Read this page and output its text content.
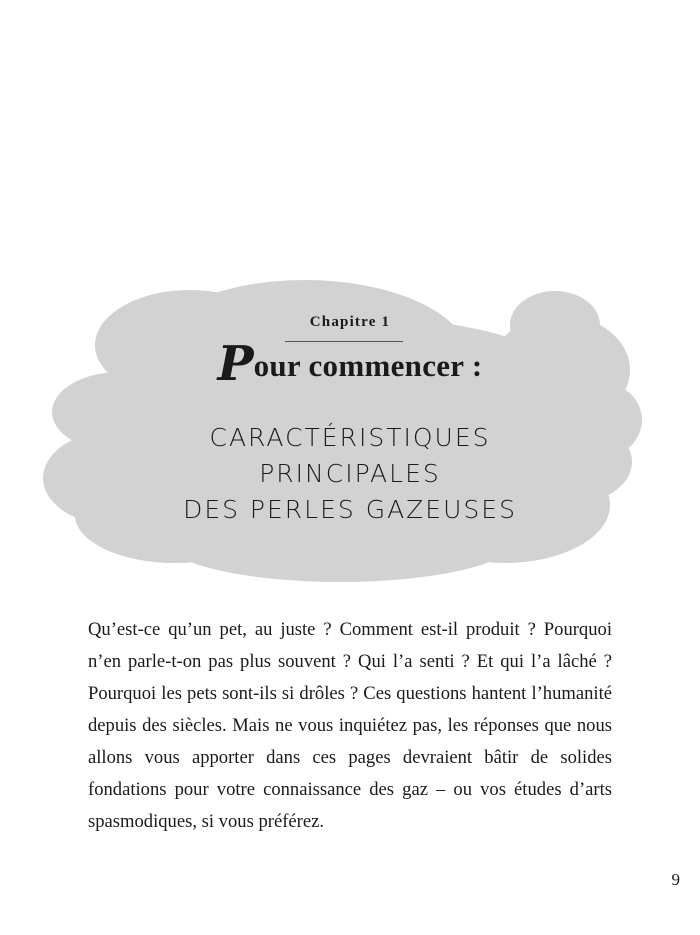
Chapitre 1
Pour commencer :
CARACTÉRISTIQUES
PRINCIPALES
DES PERLES GAZEUSES

Qu’est-ce qu’un pet, au juste ? Comment est-il produit ? Pourquoi n’en parle-t-on pas plus souvent ? Qui l’a senti ? Et qui l’a lâché ? Pourquoi les pets sont-ils si drôles ? Ces questions hantent l’humanité depuis des siècles. Mais ne vous inquiétez pas, les réponses que nous allons vous apporter dans ces pages devraient bâtir de solides fondations pour votre connaissance des gaz – ou vos études d’arts spasmodiques, si vous préférez.

9
